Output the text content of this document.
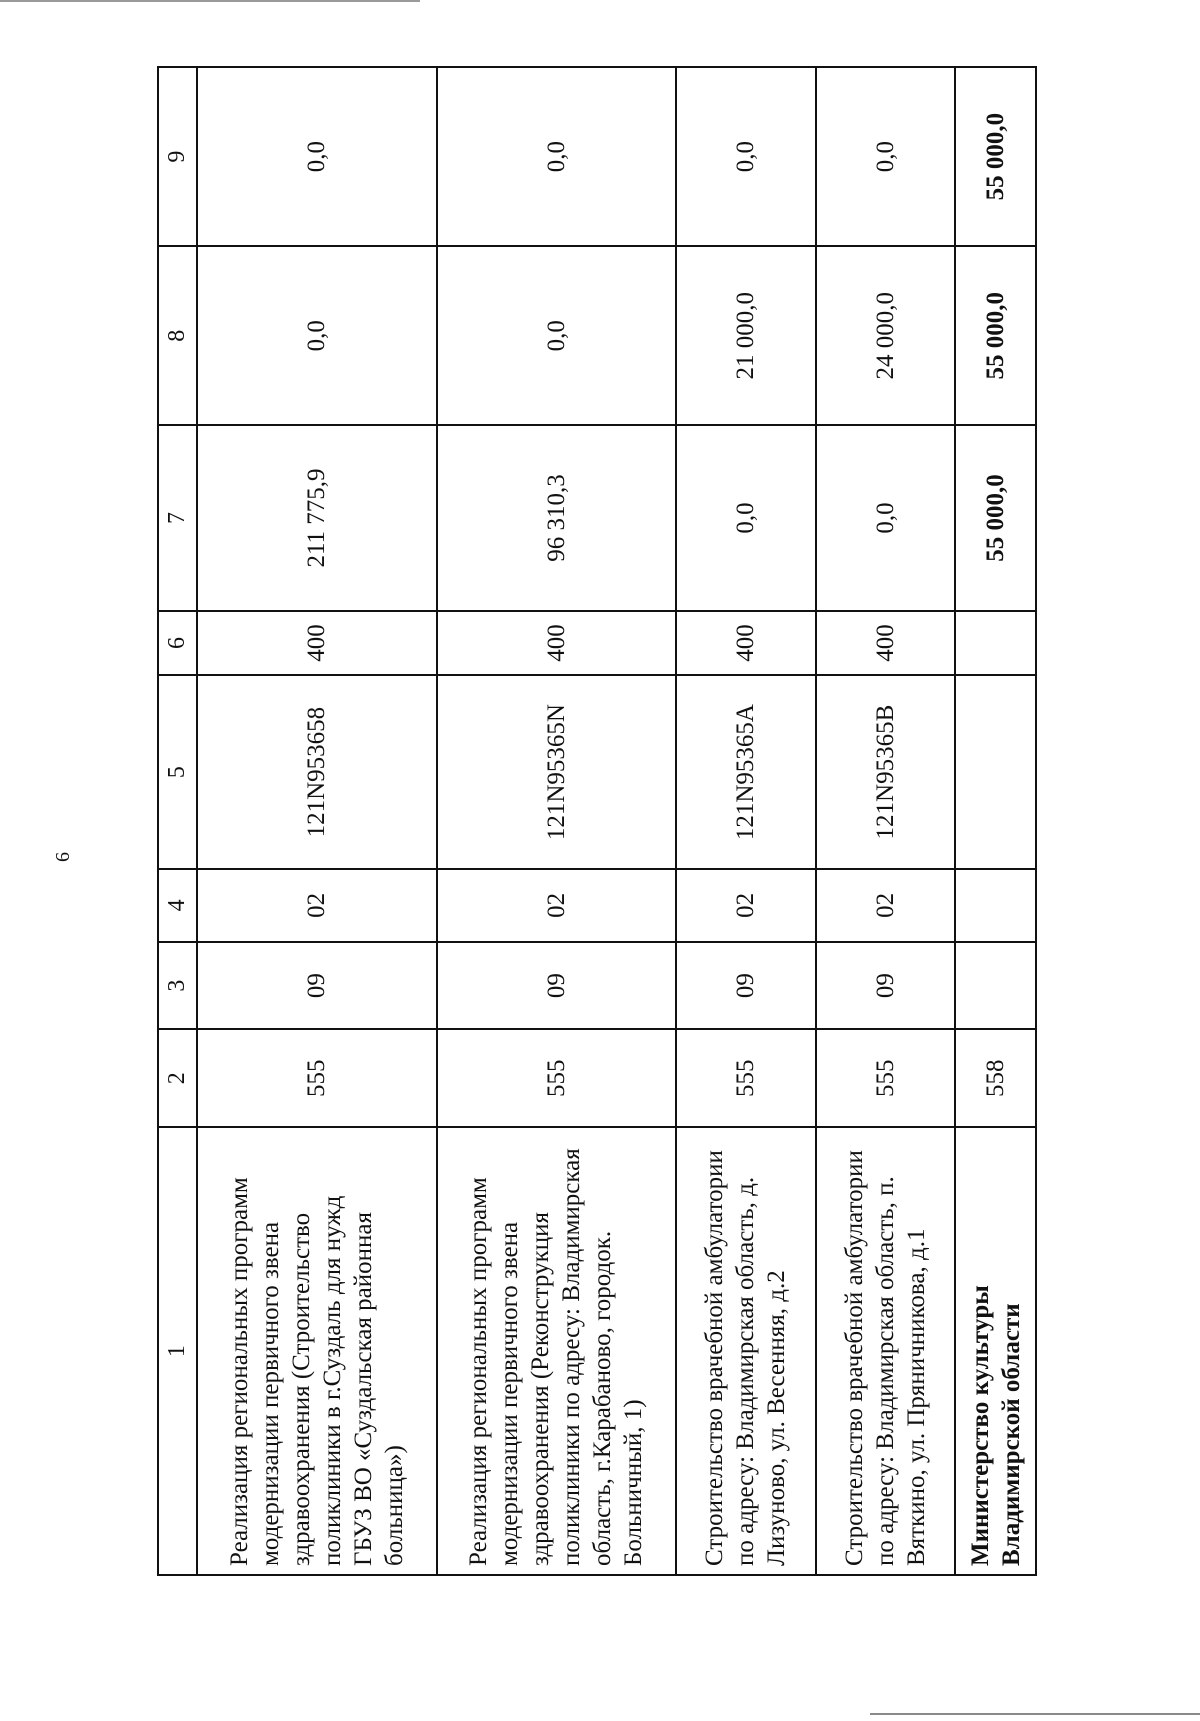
6
1	2	3	4	5	6	7	8	9
Реализация региональных программ модернизации первичного звена здравоохранения (Строительство поликлиники в г.Суздаль для нужд ГБУЗ ВО «Суздальская районная больница»)	555	09	02	121N953658	400	211 775,9	0,0	0,0
Реализация региональных программ модернизации первичного звена здравоохранения (Реконструкция поликлиники по адресу: Владимирская область, г.Карабаново, городок. Больничный, 1)	555	09	02	121N95365N	400	96 310,3	0,0	0,0
Строительство врачебной амбулатории по адресу: Владимирская область, д. Лизуново, ул. Весенняя, д.2	555	09	02	121N95365A	400	0,0	21 000,0	0,0
Строительство врачебной амбулатории по адресу: Владимирская область, п. Вяткино, ул. Пряничникова, д.1	555	09	02	121N95365B	400	0,0	24 000,0	0,0
Министерство культуры Владимирской области	558					55 000,0	55 000,0	55 000,0
